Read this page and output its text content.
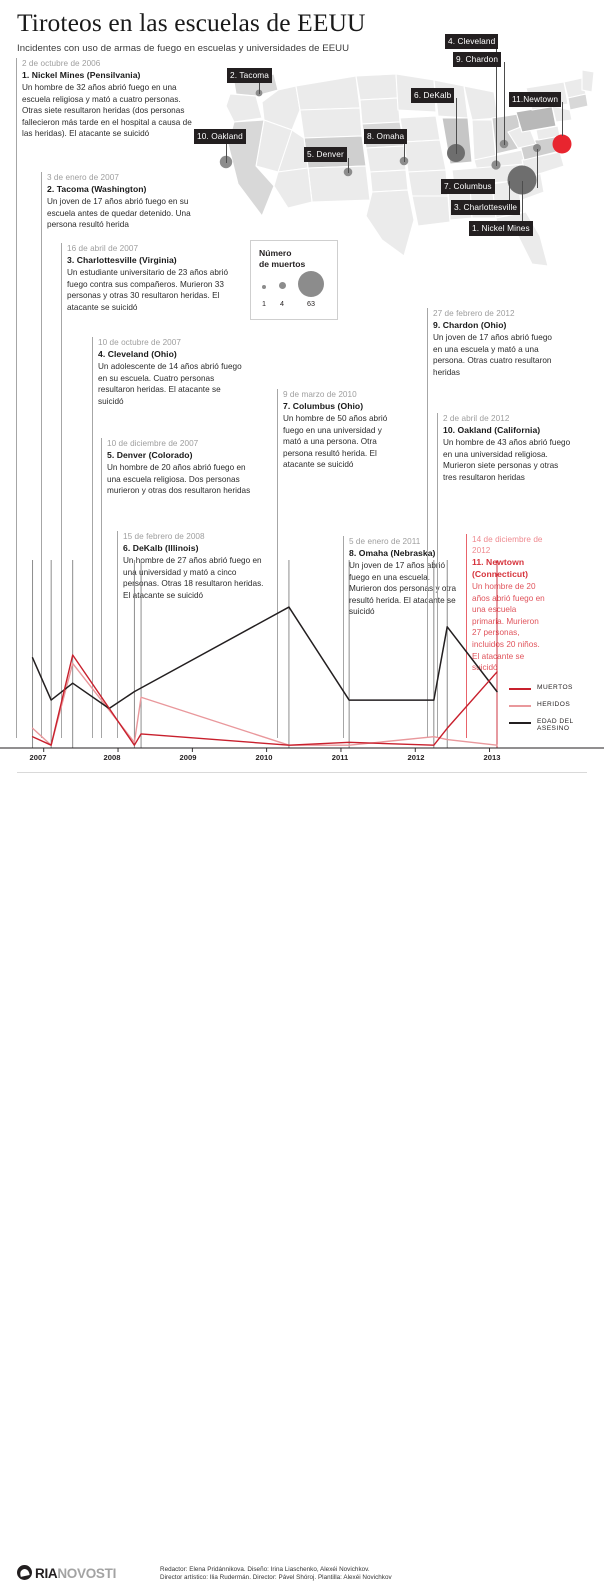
Tiroteos en las escuelas de EEUU
Incidentes con uso de armas de fuego en escuelas y universidades de EEUU
2. Tacoma
4. Cleveland
9. Chardon
6. DeKalb	11.Newtown
10. Oakland
5. Denver
8. Omaha
7. Columbus
3. Charlottesville
1. Nickel Mines
Número
de muertos
1	4	63
2 de octubre de 2006
1. Nickel Mines (Pensilvania)
Un hombre de 32 años abrió fuego en una escuela religiosa y mató a cuatro personas. Otras siete resultaron heridas (dos personas fallecieron más tarde en el hospital a causa de las heridas). El atacante se suicidó
3 de enero de 2007
2. Tacoma (Washington)
Un joven de 17 años abrió fuego en su escuela antes de quedar detenido. Una persona resultó herida
16 de abril de 2007
3. Charlottesville (Virginia)
Un estudiante universitario de 23 años abrió fuego contra sus compañeros. Murieron 33 personas y otras 30 resultaron heridas. El atacante se suicidó
10 de octubre de 2007
4. Cleveland (Ohio)
Un adolescente de 14 años abrió fuego en su escuela. Cuatro personas resultaron heridas. El atacante se suicidó
10 de diciembre de 2007
5. Denver (Colorado)
Un hombre de 20 años abrió fuego en una escuela religiosa. Dos personas murieron y otras dos resultaron heridas
15 de febrero de 2008
6. DeKalb (Illinois)
Un hombre de 27 años abrió fuego en una universidad y mató a cinco personas. Otras 18 resultaron heridas. El atacante se suicidó
9 de marzo de 2010
7. Columbus (Ohio)
Un hombre de 50 años abrió fuego en una universidad y mató a una persona. Otra persona resultó herida. El atacante se suicidó
5 de enero de 2011
8. Omaha (Nebraska)
Un joven de 17 años abrió fuego en una escuela. Murieron dos personas y otra resultó herida. El atacante se suicidó
27 de febrero de 2012
9. Chardon (Ohio)
Un joven de 17 años abrió fuego en una escuela y mató a una persona. Otras cuatro resultaron heridas
2 de abril de 2012
10. Oakland (California)
Un hombre de 43 años abrió fuego en una universidad religiosa. Murieron siete personas y otras tres resultaron heridas
14 de diciembre de 2012
11. Newtown (Connecticut)
Un hombre de 20 años abrió fuego en una escuela primaria. Murieron 27 personas, incluidos 20 niños. El atacante se suicidó
2007	2008	2009	2010	2011	2012	2013
MUERTOS
HERIDOS
EDAD DEL ASESINO
RIANOVOSTI	Redactor: Elena Pridánnikova. Diseño: Irina Liaschenko, Alexéi Novichkov.
Director artístico: Ilia Rudermán. Director: Pável Shóroj. Plantilla: Alexéi Novichkov
